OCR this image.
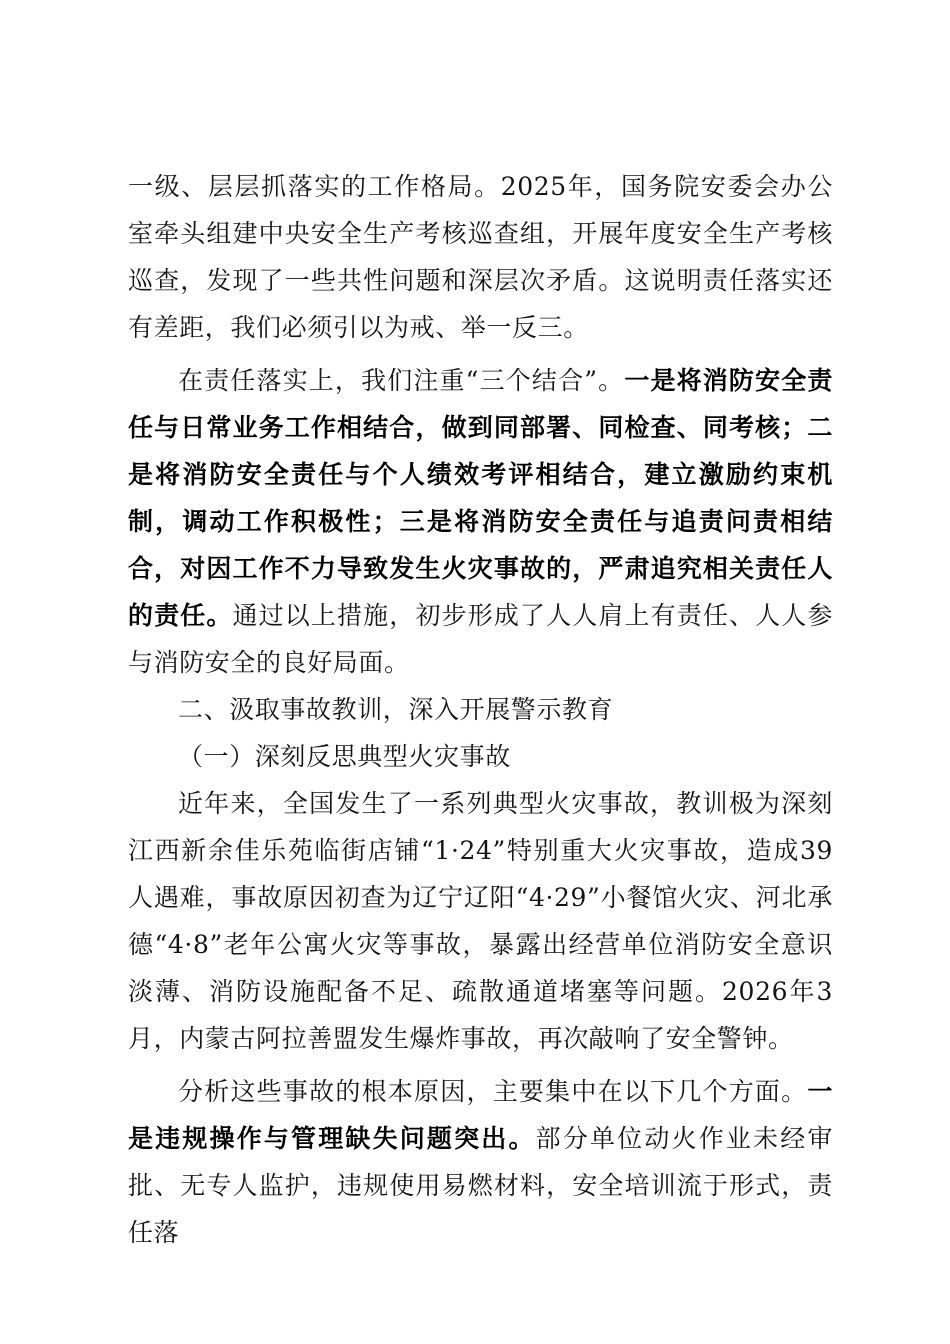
一级、层层抓落实的工作格局。2025年，国务院安委会办公室牵头组建中央安全生产考核巡查组，开展年度安全生产考核巡查，发现了一些共性问题和深层次矛盾。这说明责任落实还有差距，我们必须引以为戒、举一反三。

在责任落实上，我们注重“三个结合”。一是将消防安全责任与日常业务工作相结合，做到同部署、同检查、同考核；二是将消防安全责任与个人绩效考评相结合，建立激励约束机制，调动工作积极性；三是将消防安全责任与追责问责相结合，对因工作不力导致发生火灾事故的，严肃追究相关责任人的责任。通过以上措施，初步形成了人人肩上有责任、人人参与消防安全的良好局面。

二、汲取事故教训，深入开展警示教育

（一）深刻反思典型火灾事故

近年来，全国发生了一系列典型火灾事故，教训极为深刻江西新余佳乐苑临街店铺“1·24”特别重大火灾事故，造成39人遇难，事故原因初查为辽宁辽阳“4·29”小餐馆火灾、河北承德“4·8”老年公寓火灾等事故，暴露出经营单位消防安全意识淡薄、消防设施配备不足、疏散通道堵塞等问题。2026年3月，内蒙古阿拉善盟发生爆炸事故，再次敲响了安全警钟。

分析这些事故的根本原因，主要集中在以下几个方面。一是违规操作与管理缺失问题突出。部分单位动火作业未经审批、无专人监护，违规使用易燃材料，安全培训流于形式，责任落
